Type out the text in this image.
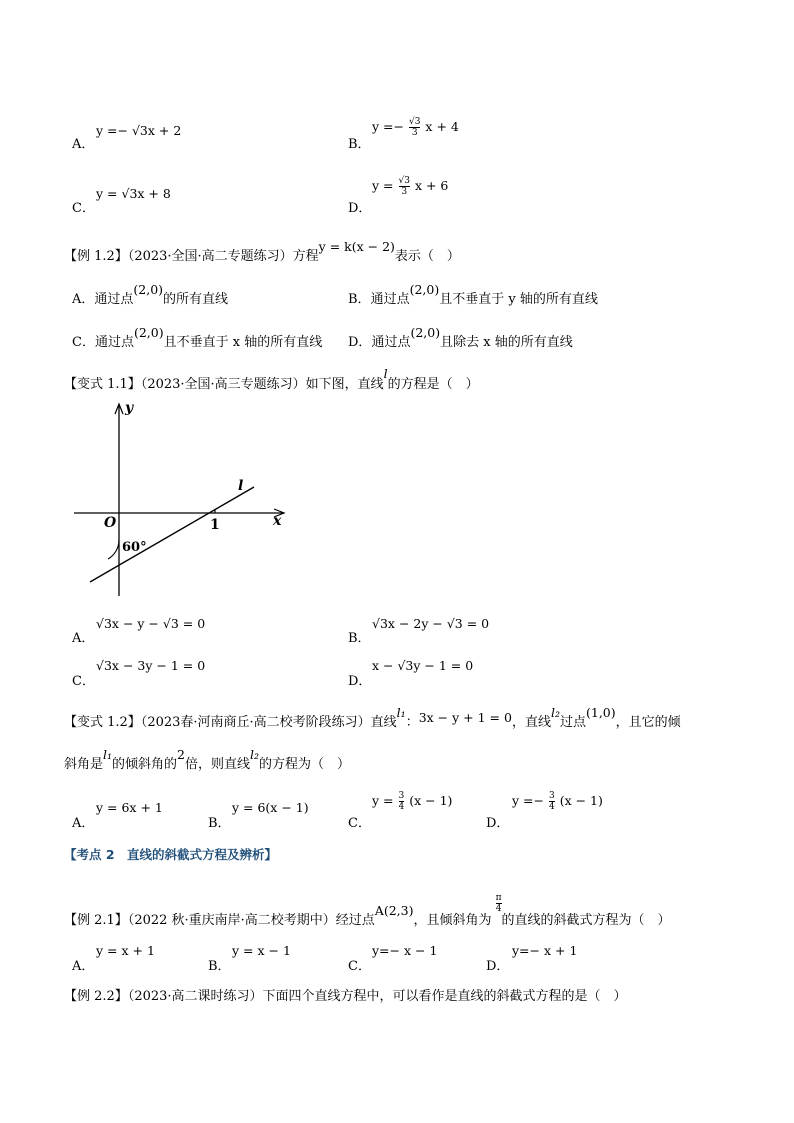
A．
y =− √3x + 2
B．
$y =- \frac{√3}{3}$ x + 4
C．
y = √3x + 8
D．
$y = \frac{√3}{3}$ x + 6
【例 1.2】（2023·全国·高二专题练习）方程y = k(x − 2)表示（　）
A．通过点(2,0)的所有直线	B．通过点(2,0)且不垂直于 y 轴的所有直线
C．通过点(2,0)且不垂直于 x 轴的所有直线 D．通过点(2,0)且除去 x 轴的所有直线
【变式 1.1】（2023·全国·高三专题练习）如下图，直线l的方程是（　）
y
x
O	1
l
60°
A．
√3x − y − √3 = 0
B．
√3x − 2y − √3 = 0
C．
√3x − 3y − 1 = 0
D．
x − √3y − 1 = 0
【变式 1.2】（2023春·河南商丘·高二校考阶段练习）直线l₁：3x − y + 1 = 0，直线l₂过点(1,0)，且它的倾
斜角是l₁的倾斜角的2倍，则直线l₂的方程为（　）
A．
y = 6x + 1
B．
y = 6(x − 1)
C．
$y = \frac{3}{4} (x - 1)$
D．
$y =- \frac{3}{4} (x - 1)$
【考点 2　直线的斜截式方程及辨析】
【例 2.1】（2022 秋·重庆南岸·高二校考期中）经过点A(2,3)，且倾斜角为
$\frac{\pi}{4}$
的直线的斜截式方程为（　）
A．
y = x + 1
B．
y = x − 1
C．
y=− x − 1
D．
y=− x + 1
【例 2.2】（2023·高二课时练习）下面四个直线方程中，可以看作是直线的斜截式方程的是（　）
